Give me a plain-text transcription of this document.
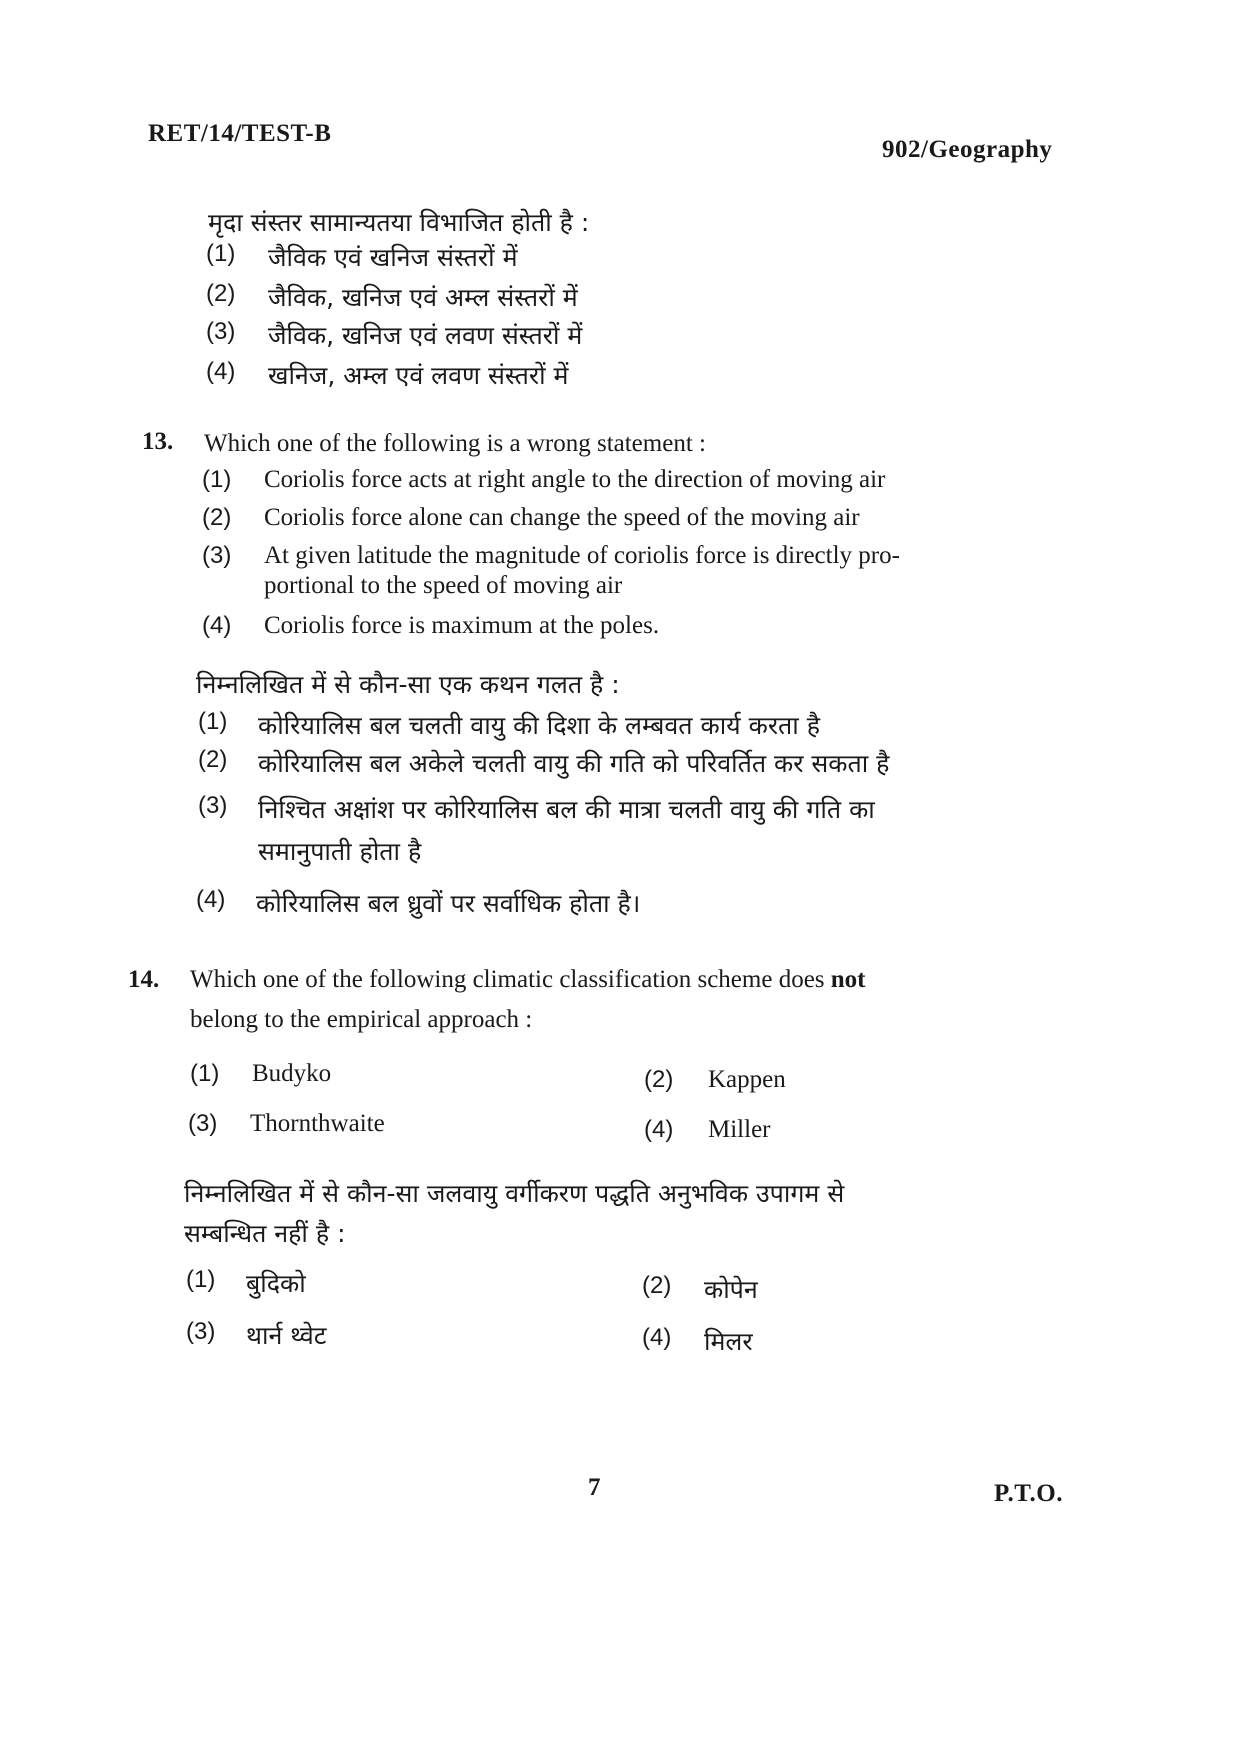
RET/14/TEST-B
902/Geography
मृदा संस्तर सामान्यतया विभाजित होती है :
(1) जैविक एवं खनिज संस्तरों में
(2) जैविक, खनिज एवं अम्ल संस्तरों में
(3) जैविक, खनिज एवं लवण संस्तरों में
(4) खनिज, अम्ल एवं लवण संस्तरों में
13. Which one of the following is a wrong statement :
(1) Coriolis force acts at right angle to the direction of moving air
(2) Coriolis force alone can change the speed of the moving air
(3) At given latitude the magnitude of coriolis force is directly pro-
portional to the speed of moving air
(4) Coriolis force is maximum at the poles.
निम्नलिखित में से कौन-सा एक कथन गलत है :
(1) कोरियालिस बल चलती वायु की दिशा के लम्बवत कार्य करता है
(2) कोरियालिस बल अकेले चलती वायु की गति को परिवर्तित कर सकता है
(3) निश्चित अक्षांश पर कोरियालिस बल की मात्रा चलती वायु की गति का
समानुपाती होता है
(4) कोरियालिस बल ध्रुवों पर सर्वाधिक होता है।
14. Which one of the following climatic classification scheme does not
belong to the empirical approach :
(1) Budyko	(2) Kappen
(3) Thornthwaite	(4) Miller
निम्नलिखित में से कौन-सा जलवायु वर्गीकरण पद्धति अनुभविक उपागम से
सम्बन्धित नहीं है :
(1) बुदिको	(2) कोपेन
(3) थार्न थ्वेट	(4) मिलर
7	P.T.O.
